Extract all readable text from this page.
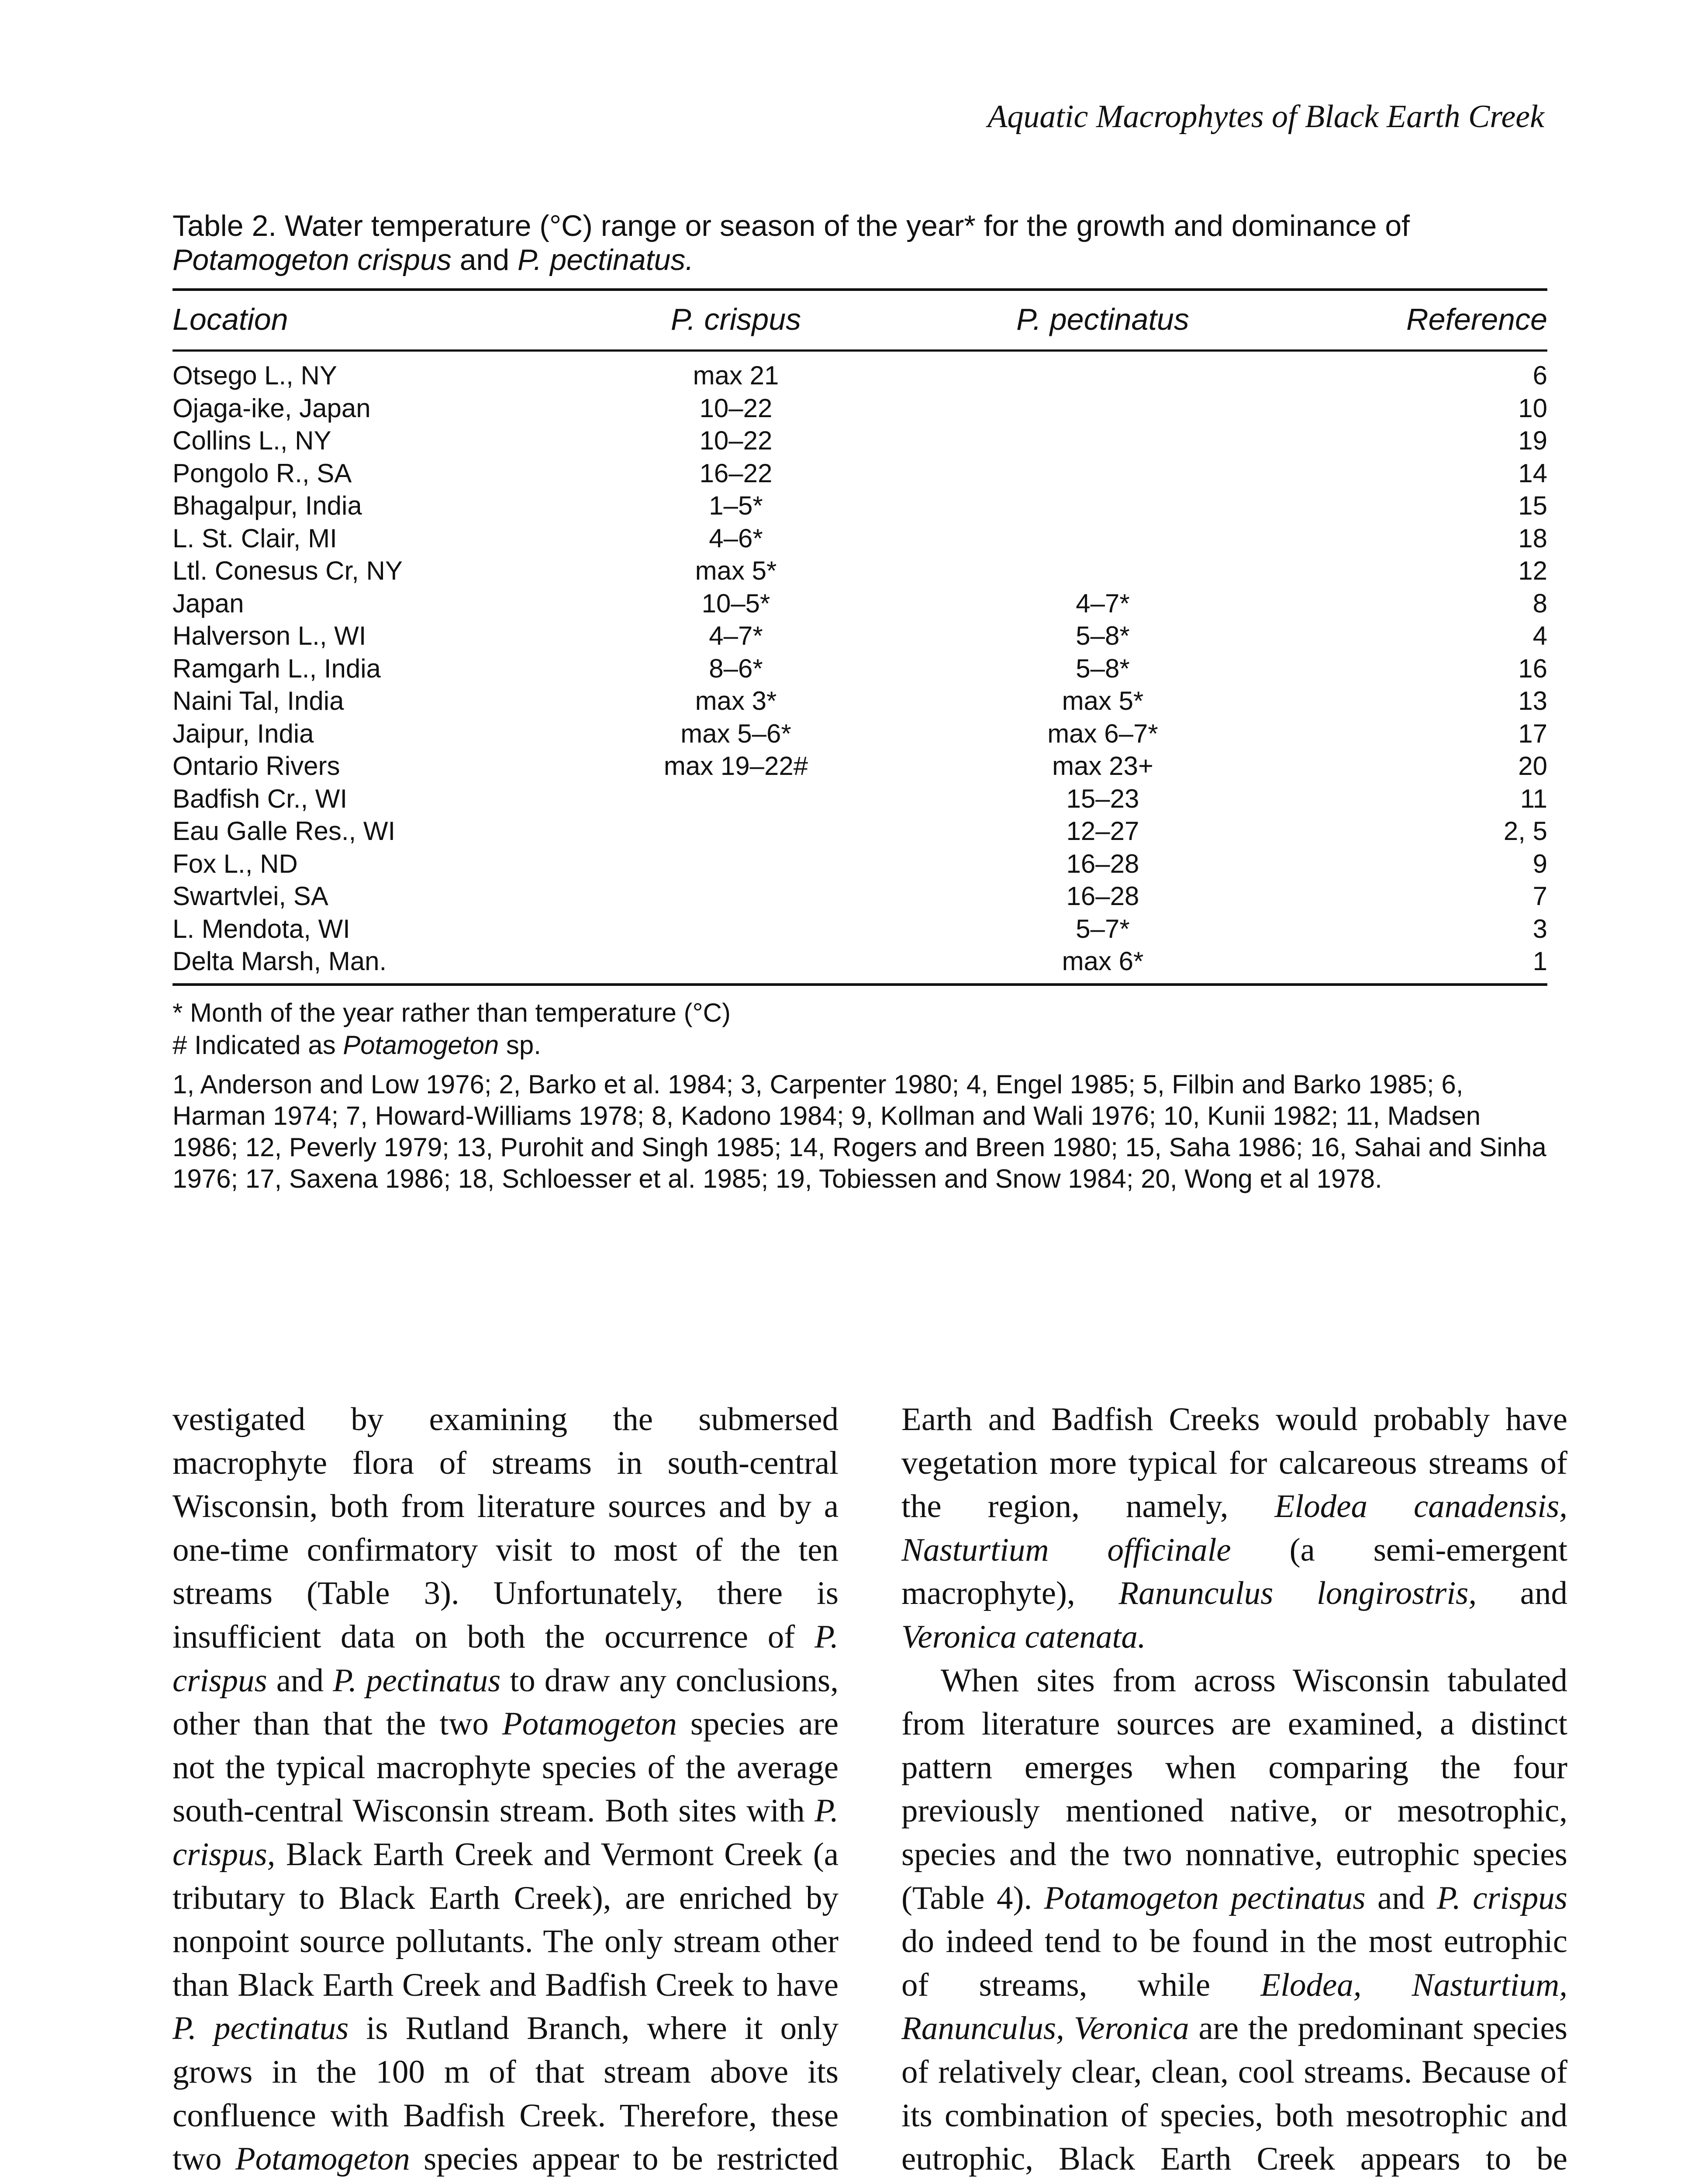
Aquatic Macrophytes of Black Earth Creek

Table 2. Water temperature (°C) range or season of the year* for the growth and dominance of Potamogeton crispus and P. pectinatus.

Location	P. crispus	P. pectinatus	Reference
Otsego L., NY	max 21		6
Ojaga-ike, Japan	10–22		10
Collins L., NY	10–22		19
Pongolo R., SA	16–22		14
Bhagalpur, India	1–5*		15
L. St. Clair, MI	4–6*		18
Ltl. Conesus Cr, NY	max 5*		12
Japan	10–5*	4–7*	8
Halverson L., WI	4–7*	5–8*	4
Ramgarh L., India	8–6*	5–8*	16
Naini Tal, India	max 3*	max 5*	13
Jaipur, India	max 5–6*	max 6–7*	17
Ontario Rivers	max 19–22#	max 23+	20
Badfish Cr., WI		15–23	11
Eau Galle Res., WI		12–27	2, 5
Fox L., ND		16–28	9
Swartvlei, SA		16–28	7
L. Mendota, WI		5–7*	3
Delta Marsh, Man.		max 6*	1

* Month of the year rather than temperature (°C)

# Indicated as Potamogeton sp.

1, Anderson and Low 1976; 2, Barko et al. 1984; 3, Carpenter 1980; 4, Engel 1985; 5, Filbin and Barko 1985; 6, Harman 1974; 7, Howard-Williams 1978; 8, Kadono 1984; 9, Kollman and Wali 1976; 10, Kunii 1982; 11, Madsen 1986; 12, Peverly 1979; 13, Purohit and Singh 1985; 14, Rogers and Breen 1980; 15, Saha 1986; 16, Sahai and Sinha 1976; 17, Saxena 1986; 18, Schloesser et al. 1985; 19, Tobiessen and Snow 1984; 20, Wong et al 1978.

vestigated by examining the submersed macrophyte flora of streams in south-central Wisconsin, both from literature sources and by a one-time confirmatory visit to most of the ten streams (Table 3). Unfortunately, there is insufficient data on both the occurrence of P. crispus and P. pectinatus to draw any conclusions, other than that the two Potamogeton species are not the typical macrophyte species of the average south-central Wisconsin stream. Both sites with P. crispus, Black Earth Creek and Vermont Creek (a tributary to Black Earth Creek), are enriched by nonpoint source pollutants. The only stream other than Black Earth Creek and Badfish Creek to have P. pectinatus is Rutland Branch, where it only grows in the 100 m of that stream above its confluence with Badfish Creek. Therefore, these two Potamogeton species appear to be restricted

Earth and Badfish Creeks would probably have vegetation more typical for calcareous streams of the region, namely, Elodea canadensis, Nasturtium officinale (a semi-emergent macrophyte), Ranunculus longirostris, and Veronica catenata.

When sites from across Wisconsin tabulated from literature sources are examined, a distinct pattern emerges when comparing the four previously mentioned native, or mesotrophic, species and the two nonnative, eutrophic species (Table 4). Potamogeton pectinatus and P. crispus do indeed tend to be found in the most eutrophic of streams, while Elodea, Nasturtium, Ranunculus, Veronica are the predominant species of relatively clear, clean, cool streams. Because of its combination of species, both mesotrophic and eutrophic, Black Earth Creek appears to be
